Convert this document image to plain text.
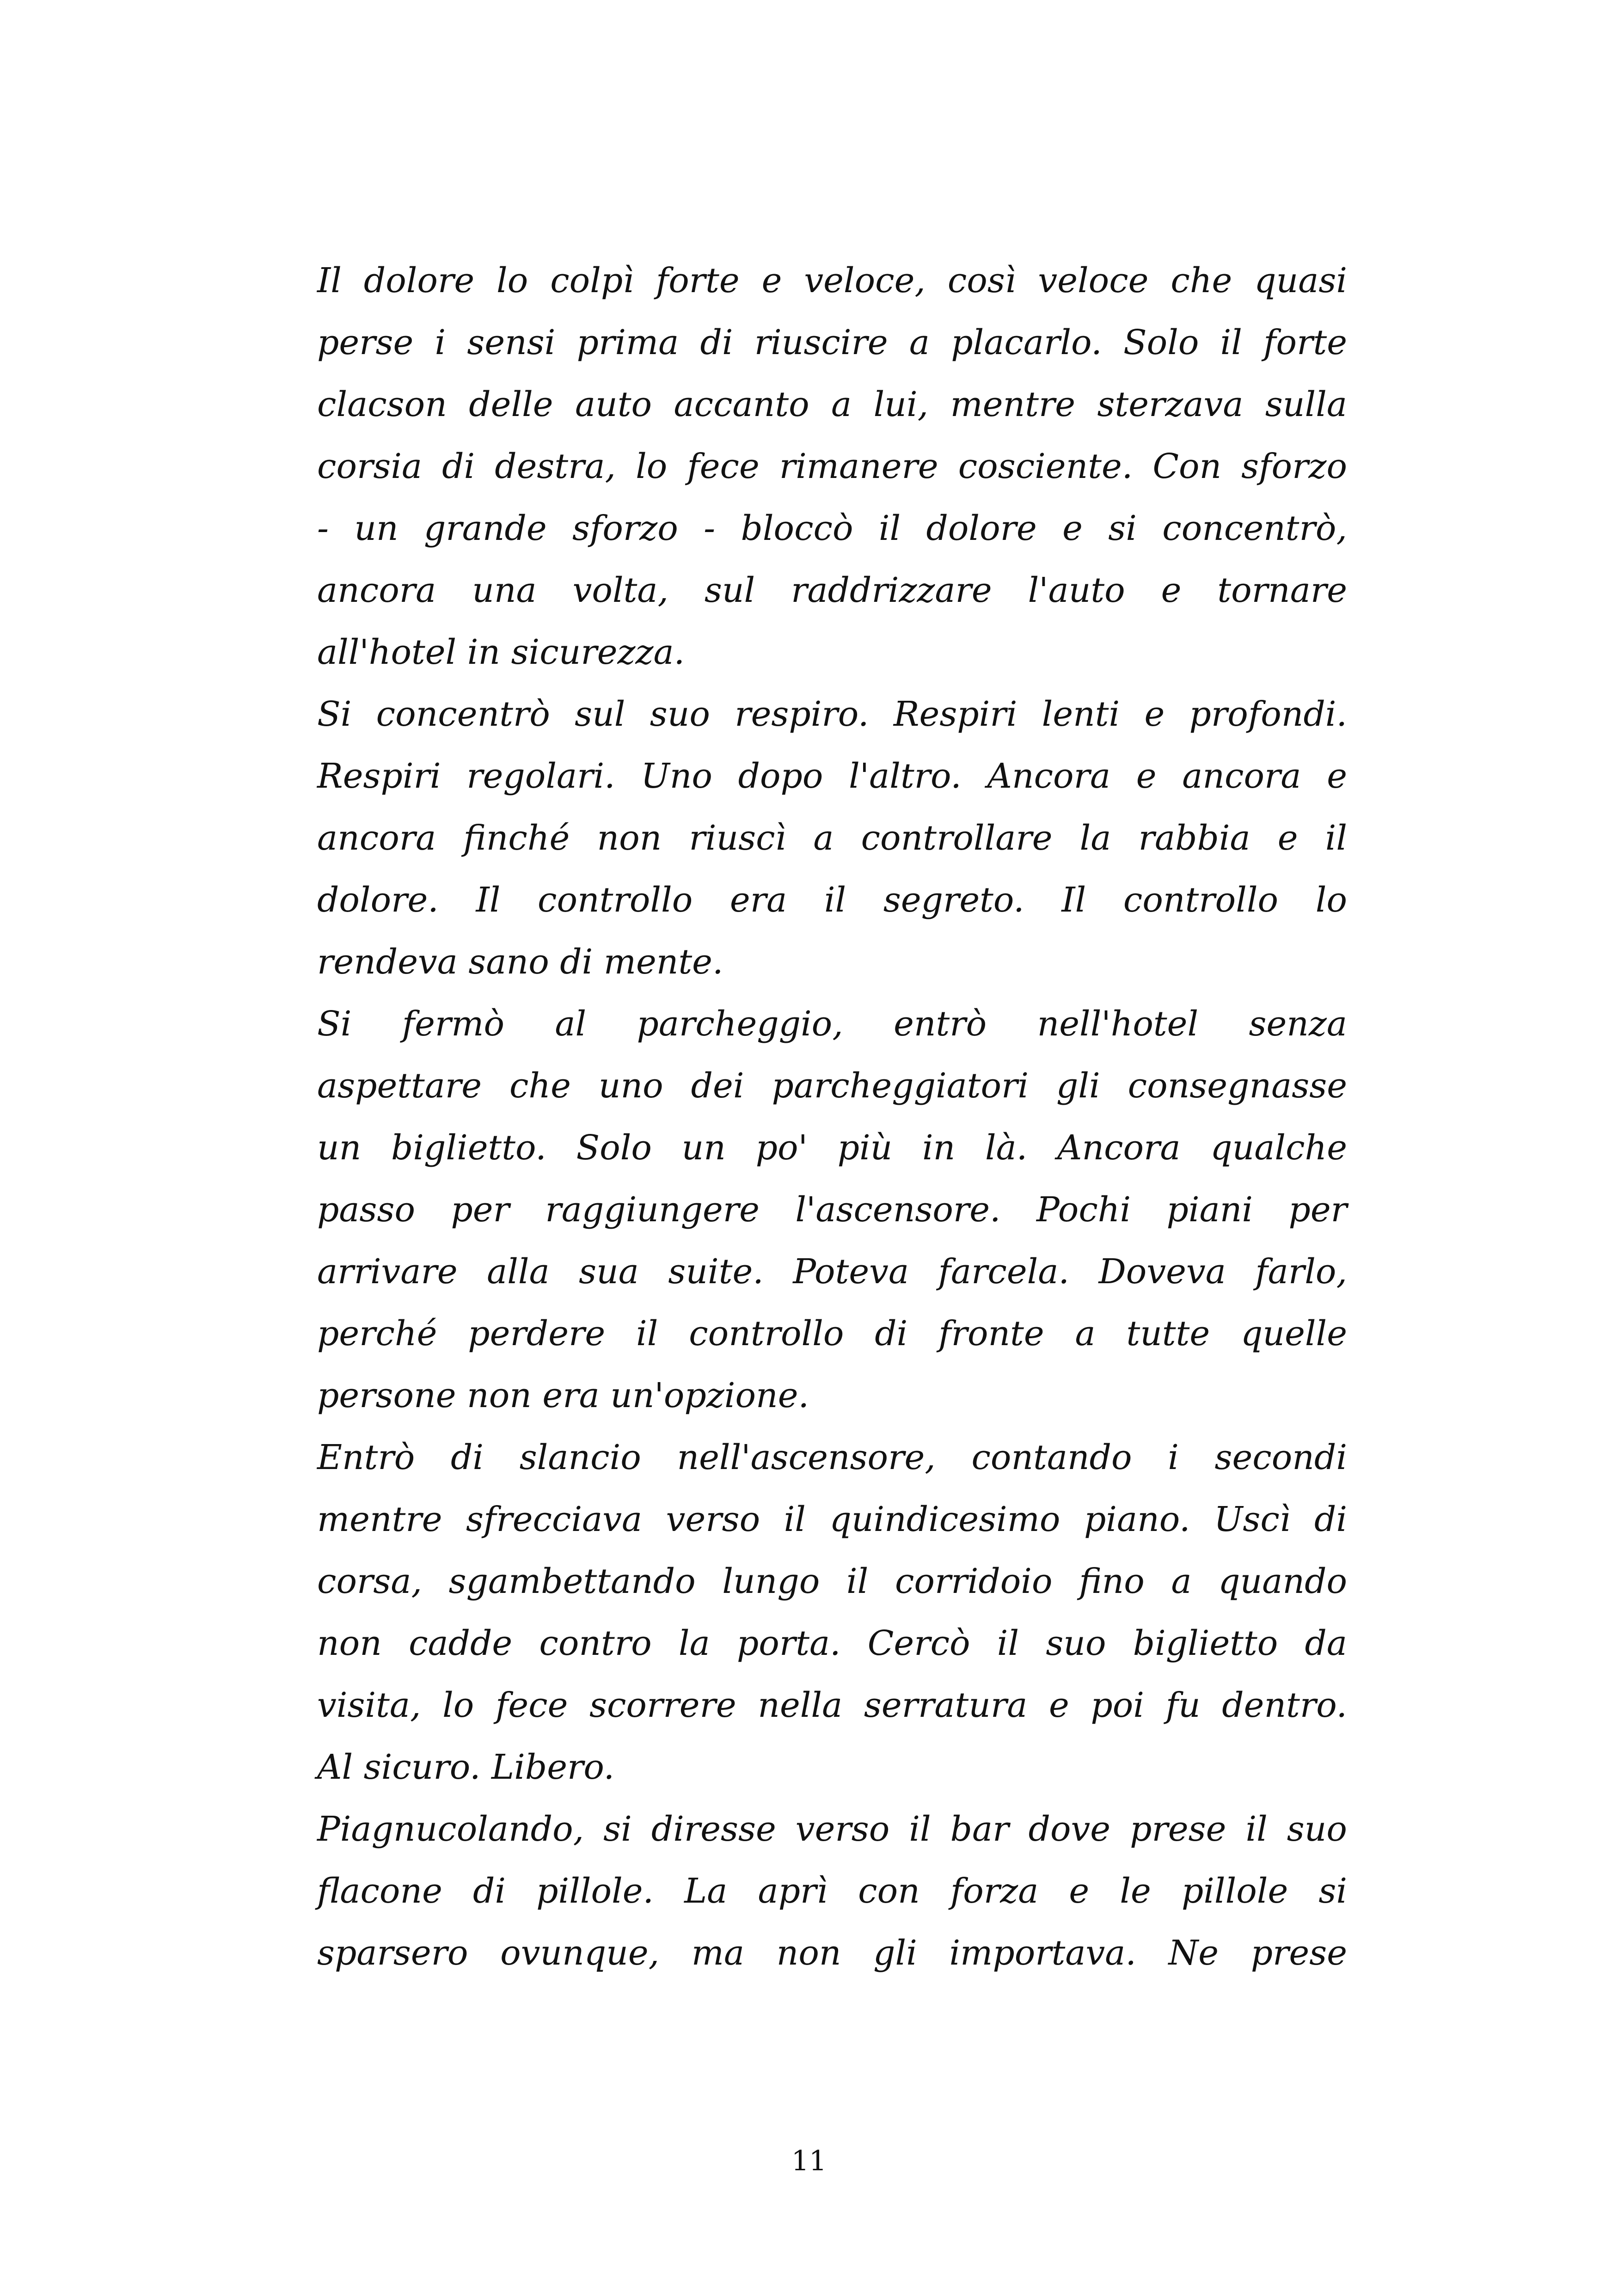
Il dolore lo colpì forte e veloce, così veloce che quasi
perse i sensi prima di riuscire a placarlo. Solo il forte
clacson delle auto accanto a lui, mentre sterzava sulla
corsia di destra, lo fece rimanere cosciente. Con sforzo
- un grande sforzo - bloccò il dolore e si concentrò,
ancora una volta, sul raddrizzare l'auto e tornare
all'hotel in sicurezza.
Si concentrò sul suo respiro. Respiri lenti e profondi.
Respiri regolari. Uno dopo l'altro. Ancora e ancora e
ancora finché non riuscì a controllare la rabbia e il
dolore. Il controllo era il segreto. Il controllo lo
rendeva sano di mente.
Si fermò al parcheggio, entrò nell'hotel senza
aspettare che uno dei parcheggiatori gli consegnasse
un biglietto. Solo un po' più in là. Ancora qualche
passo per raggiungere l'ascensore. Pochi piani per
arrivare alla sua suite. Poteva farcela. Doveva farlo,
perché perdere il controllo di fronte a tutte quelle
persone non era un'opzione.
Entrò di slancio nell'ascensore, contando i secondi
mentre sfrecciava verso il quindicesimo piano. Uscì di
corsa, sgambettando lungo il corridoio fino a quando
non cadde contro la porta. Cercò il suo biglietto da
visita, lo fece scorrere nella serratura e poi fu dentro.
Al sicuro. Libero.
Piagnucolando, si diresse verso il bar dove prese il suo
flacone di pillole. La aprì con forza e le pillole si
sparsero ovunque, ma non gli importava. Ne prese
11
